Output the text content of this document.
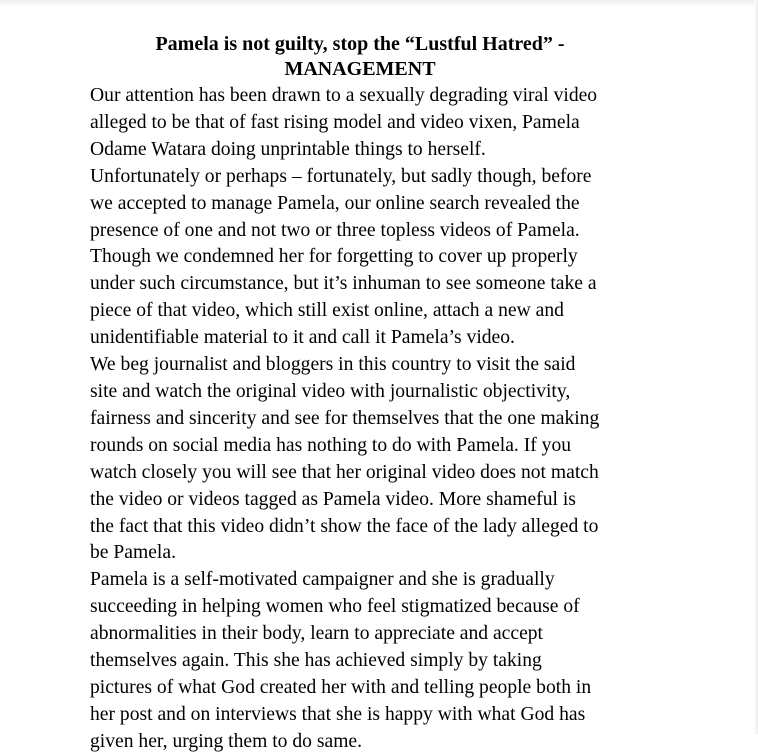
Pamela is not guilty, stop the “Lustful Hatred” -
MANAGEMENT

Our attention has been drawn to a sexually degrading viral video
alleged to be that of fast rising model and video vixen, Pamela
Odame Watara doing unprintable things to herself.

Unfortunately or perhaps – fortunately, but sadly though, before
we accepted to manage Pamela, our online search revealed the
presence of one and not two or three topless videos of Pamela.
Though we condemned her for forgetting to cover up properly
under such circumstance, but it’s inhuman to see someone take a
piece of that video, which still exist online, attach a new and
unidentifiable material to it and call it Pamela’s video.

We beg journalist and bloggers in this country to visit the said
site and watch the original video with journalistic objectivity,
fairness and sincerity and see for themselves that the one making
rounds on social media has nothing to do with Pamela. If you
watch closely you will see that her original video does not match
the video or videos tagged as Pamela video. More shameful is
the fact that this video didn’t show the face of the lady alleged to
be Pamela.

Pamela is a self-motivated campaigner and she is gradually
succeeding in helping women who feel stigmatized because of
abnormalities in their body, learn to appreciate and accept
themselves again. This she has achieved simply by taking
pictures of what God created her with and telling people both in
her post and on interviews that she is happy with what God has
given her, urging them to do same.
